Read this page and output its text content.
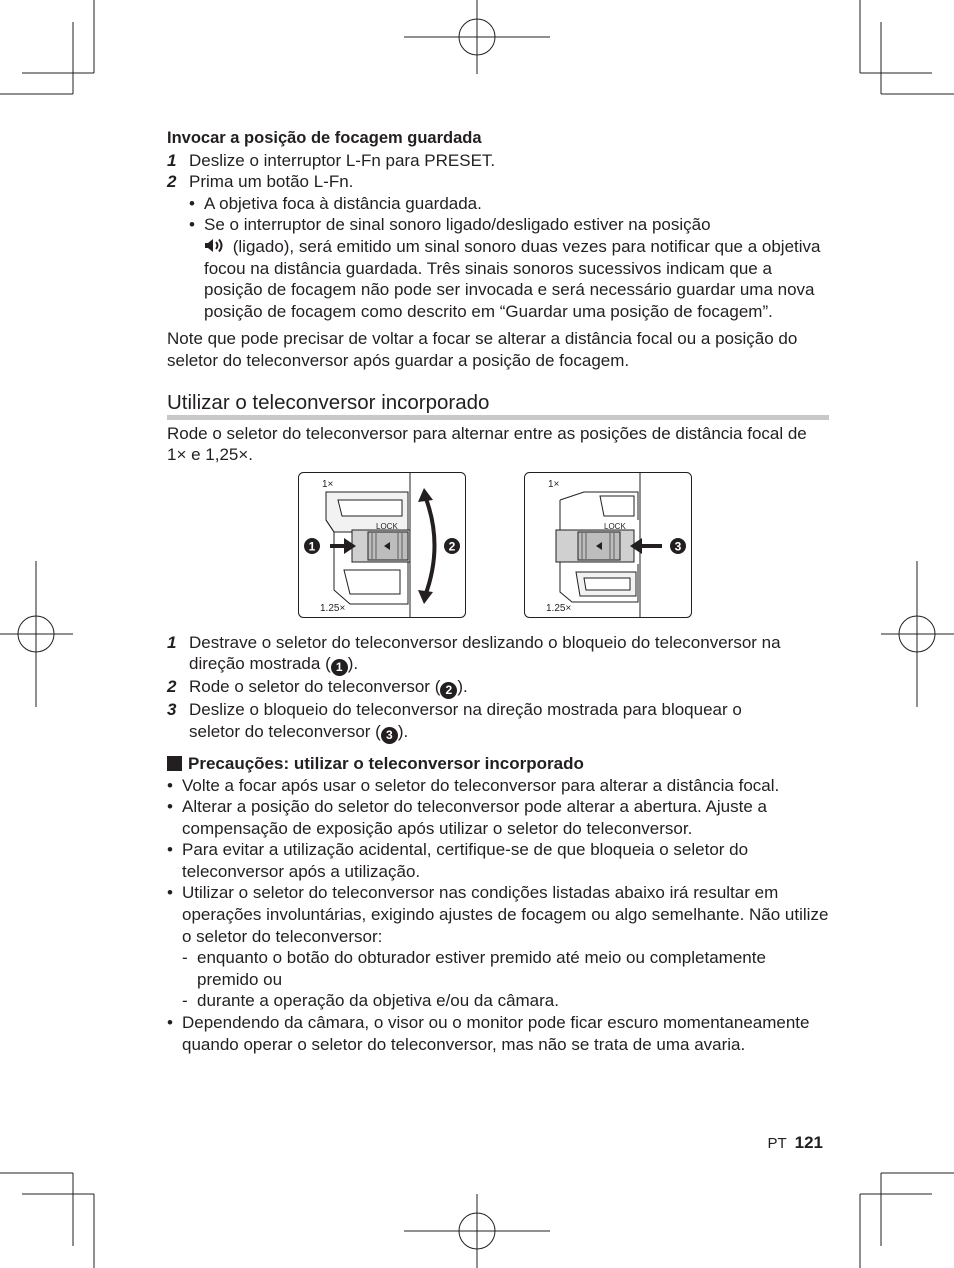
Invocar a posição de focagem guardada

1 Deslize o interruptor L-Fn para PRESET.
2 Prima um botão L-Fn.
• A objetiva foca à distância guardada.
• Se o interruptor de sinal sonoro ligado/desligado estiver na posição
(ligado), será emitido um sinal sonoro duas vezes para notificar que a objetiva focou na distância guardada. Três sinais sonoros sucessivos indicam que a posição de focagem não pode ser invocada e será necessário guardar uma nova posição de focagem como descrito em “Guardar uma posição de focagem”.
Note que pode precisar de voltar a focar se alterar a distância focal ou a posição do seletor do teleconversor após guardar a posição de focagem.
Utilizar o teleconversor incorporado
Rode o seletor do teleconversor para alternar entre as posições de distância focal de 1× e 1,25×.
1×
1.25×
LOCK
1	2
1×
1.25×
LOCK
3
1 Destrave o seletor do teleconversor deslizando o bloqueio do teleconversor na
direção mostrada ( 1 ).
2 Rode o seletor do teleconversor ( 2 ).
3 Deslize o bloqueio do teleconversor na direção mostrada para bloquear o
seletor do teleconversor ( 3 ).
Precauções: utilizar o teleconversor incorporado
• Volte a focar após usar o seletor do teleconversor para alterar a distância focal.
• Alterar a posição do seletor do teleconversor pode alterar a abertura. Ajuste a compensação de exposição após utilizar o seletor do teleconversor.
• Para evitar a utilização acidental, certifique-se de que bloqueia o seletor do teleconversor após a utilização.
• Utilizar o seletor do teleconversor nas condições listadas abaixo irá resultar em operações involuntárias, exigindo ajustes de focagem ou algo semelhante. Não utilize o seletor do teleconversor:
- enquanto o botão do obturador estiver premido até meio ou completamente premido ou
- durante a operação da objetiva e/ou da câmara.
• Dependendo da câmara, o visor ou o monitor pode ficar escuro momentaneamente quando operar o seletor do teleconversor, mas não se trata de uma avaria.
PT 121
